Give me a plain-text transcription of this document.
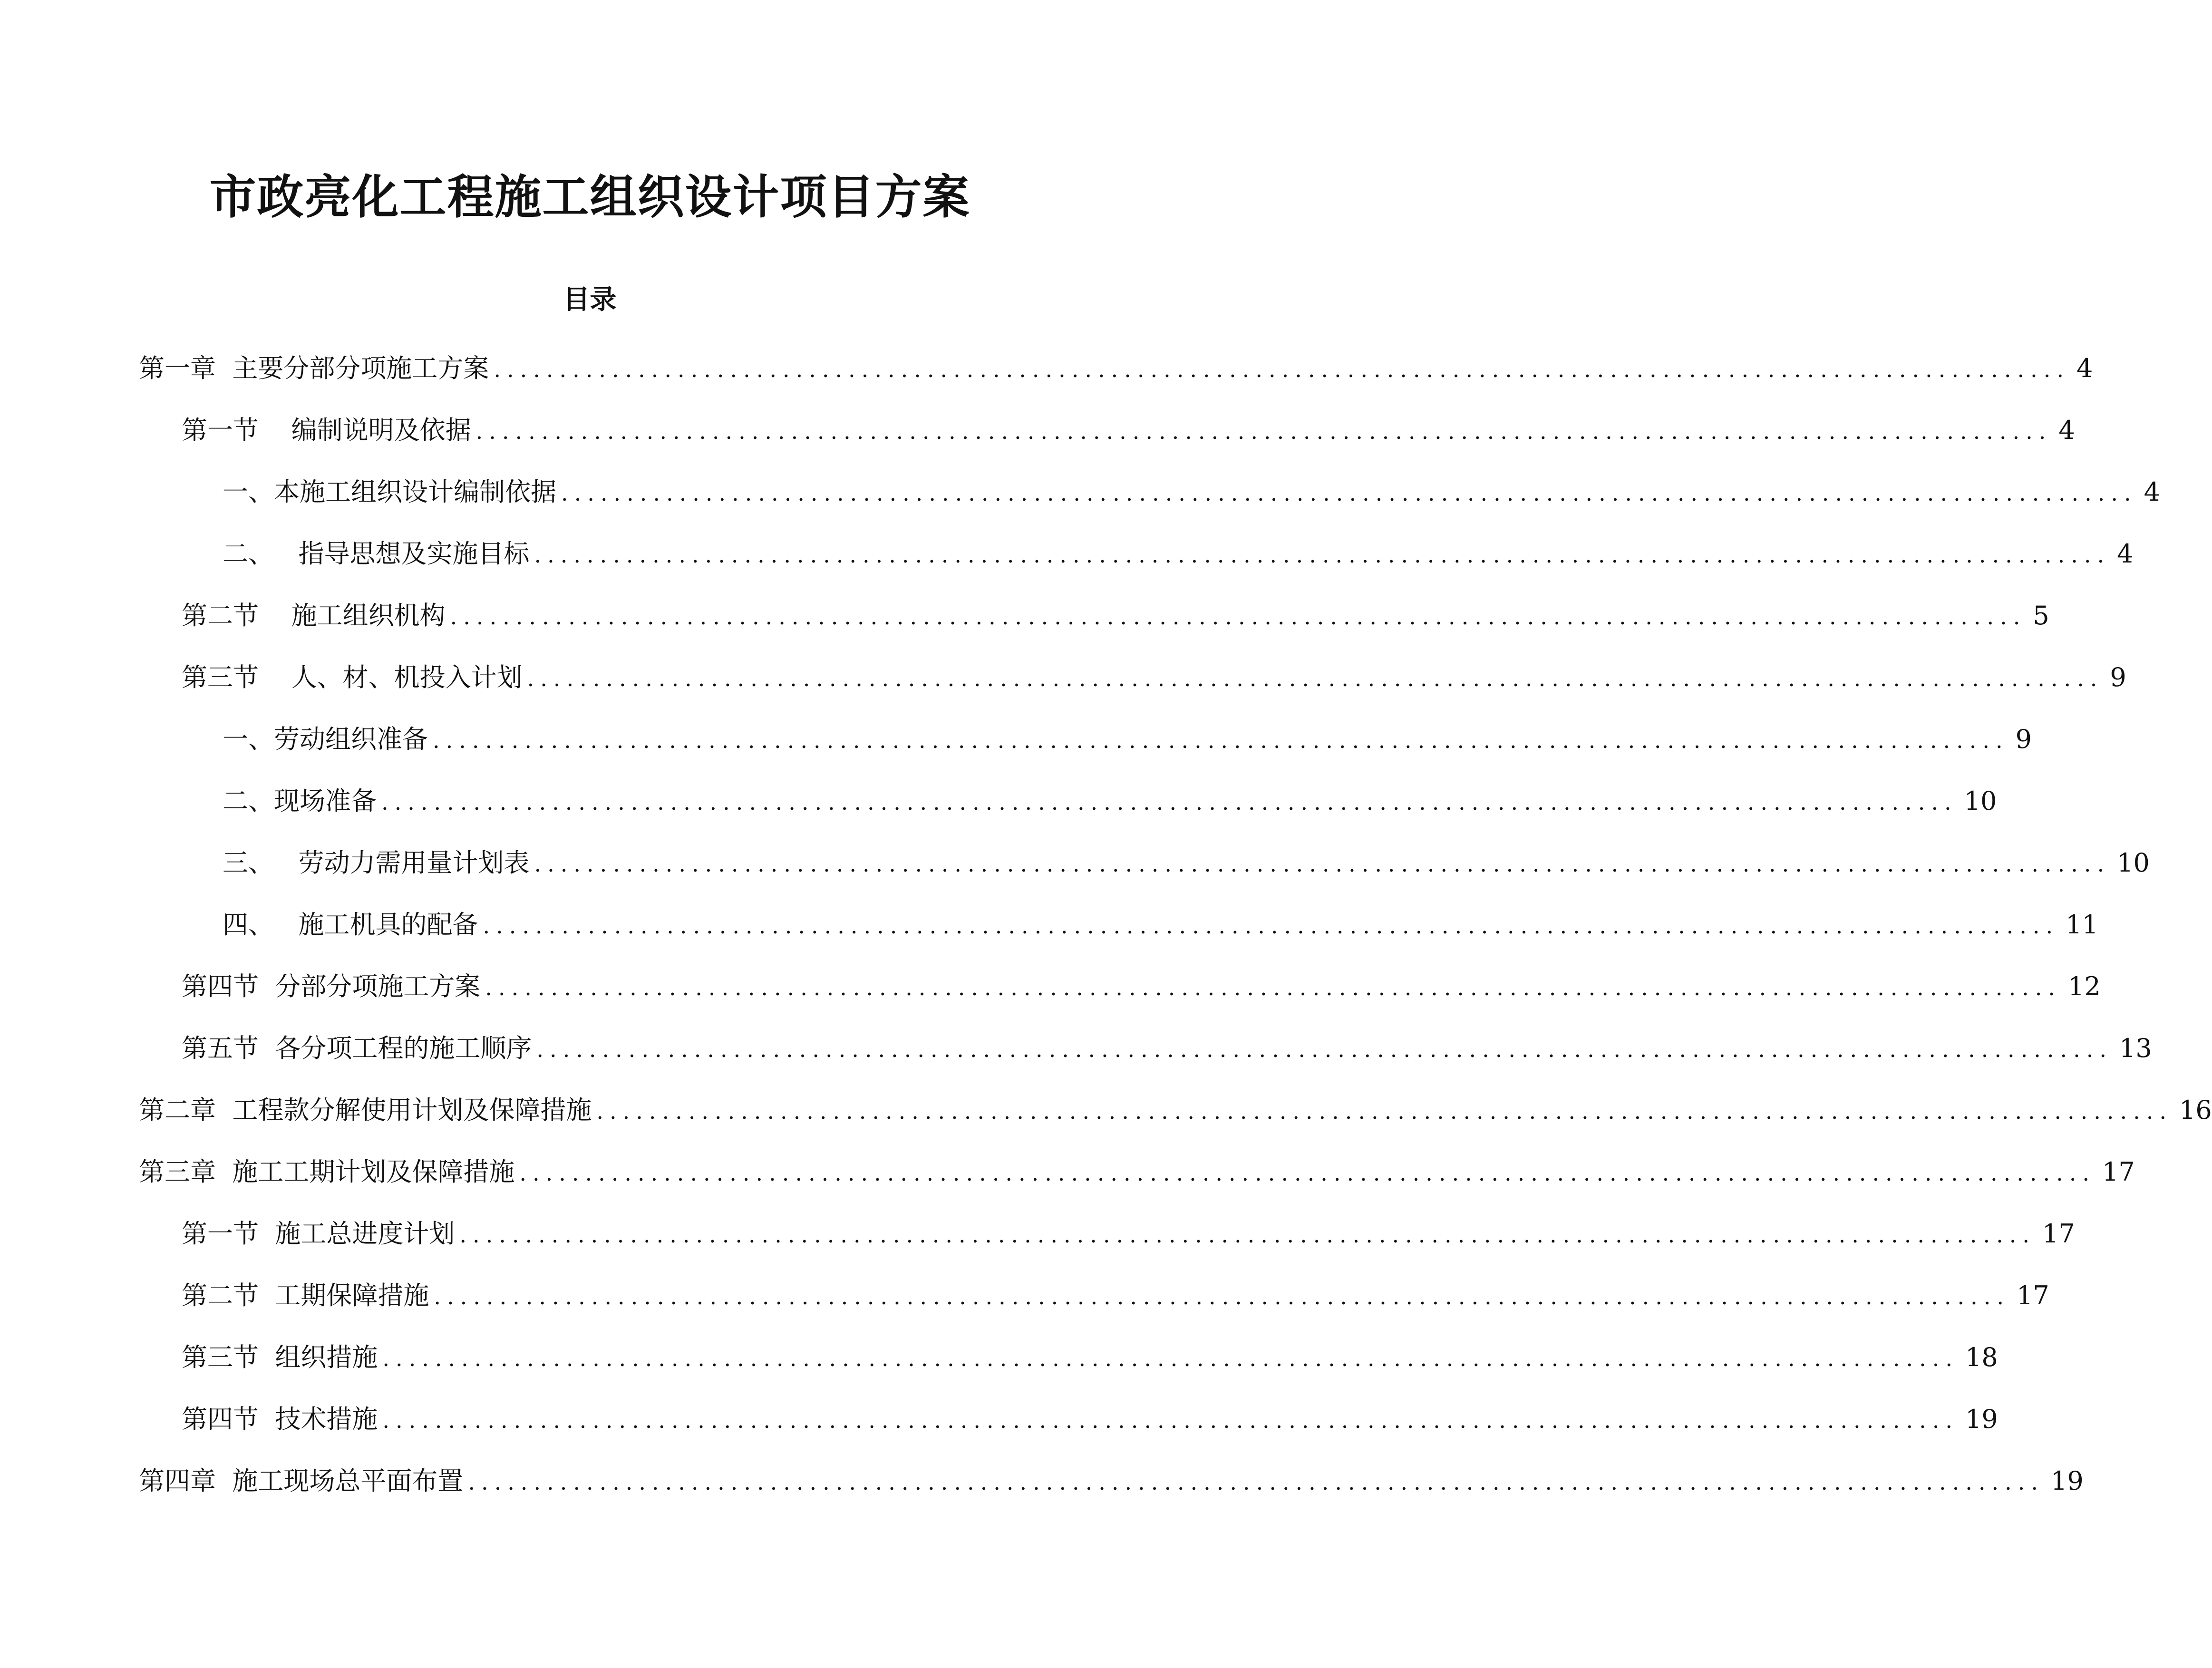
市政亮化工程施工组织设计项目方案
目录
第一章  主要分部分项施工方案 ........................................................................................................................ 4
第一节    编制说明及依据 ........................................................................................................................ 4
一、本施工组织设计编制依据 ........................................................................................................................ 4
二、   指导思想及实施目标 ........................................................................................................................ 4
第二节    施工组织机构 ........................................................................................................................ 5
第三节    人、材、机投入计划 ........................................................................................................................ 9
一、劳动组织准备 ........................................................................................................................ 9
二、现场准备 ........................................................................................................................ 10
三、   劳动力需用量计划表 ........................................................................................................................ 10
四、   施工机具的配备 ........................................................................................................................ 11
第四节  分部分项施工方案 ........................................................................................................................ 12
第五节  各分项工程的施工顺序 ........................................................................................................................ 13
第二章  工程款分解使用计划及保障措施 ........................................................................................................................ 16
第三章  施工工期计划及保障措施 ........................................................................................................................ 17
第一节  施工总进度计划 ........................................................................................................................ 17
第二节  工期保障措施 ........................................................................................................................ 17
第三节  组织措施 ........................................................................................................................ 18
第四节  技术措施 ........................................................................................................................ 19
第四章  施工现场总平面布置 ........................................................................................................................ 19
